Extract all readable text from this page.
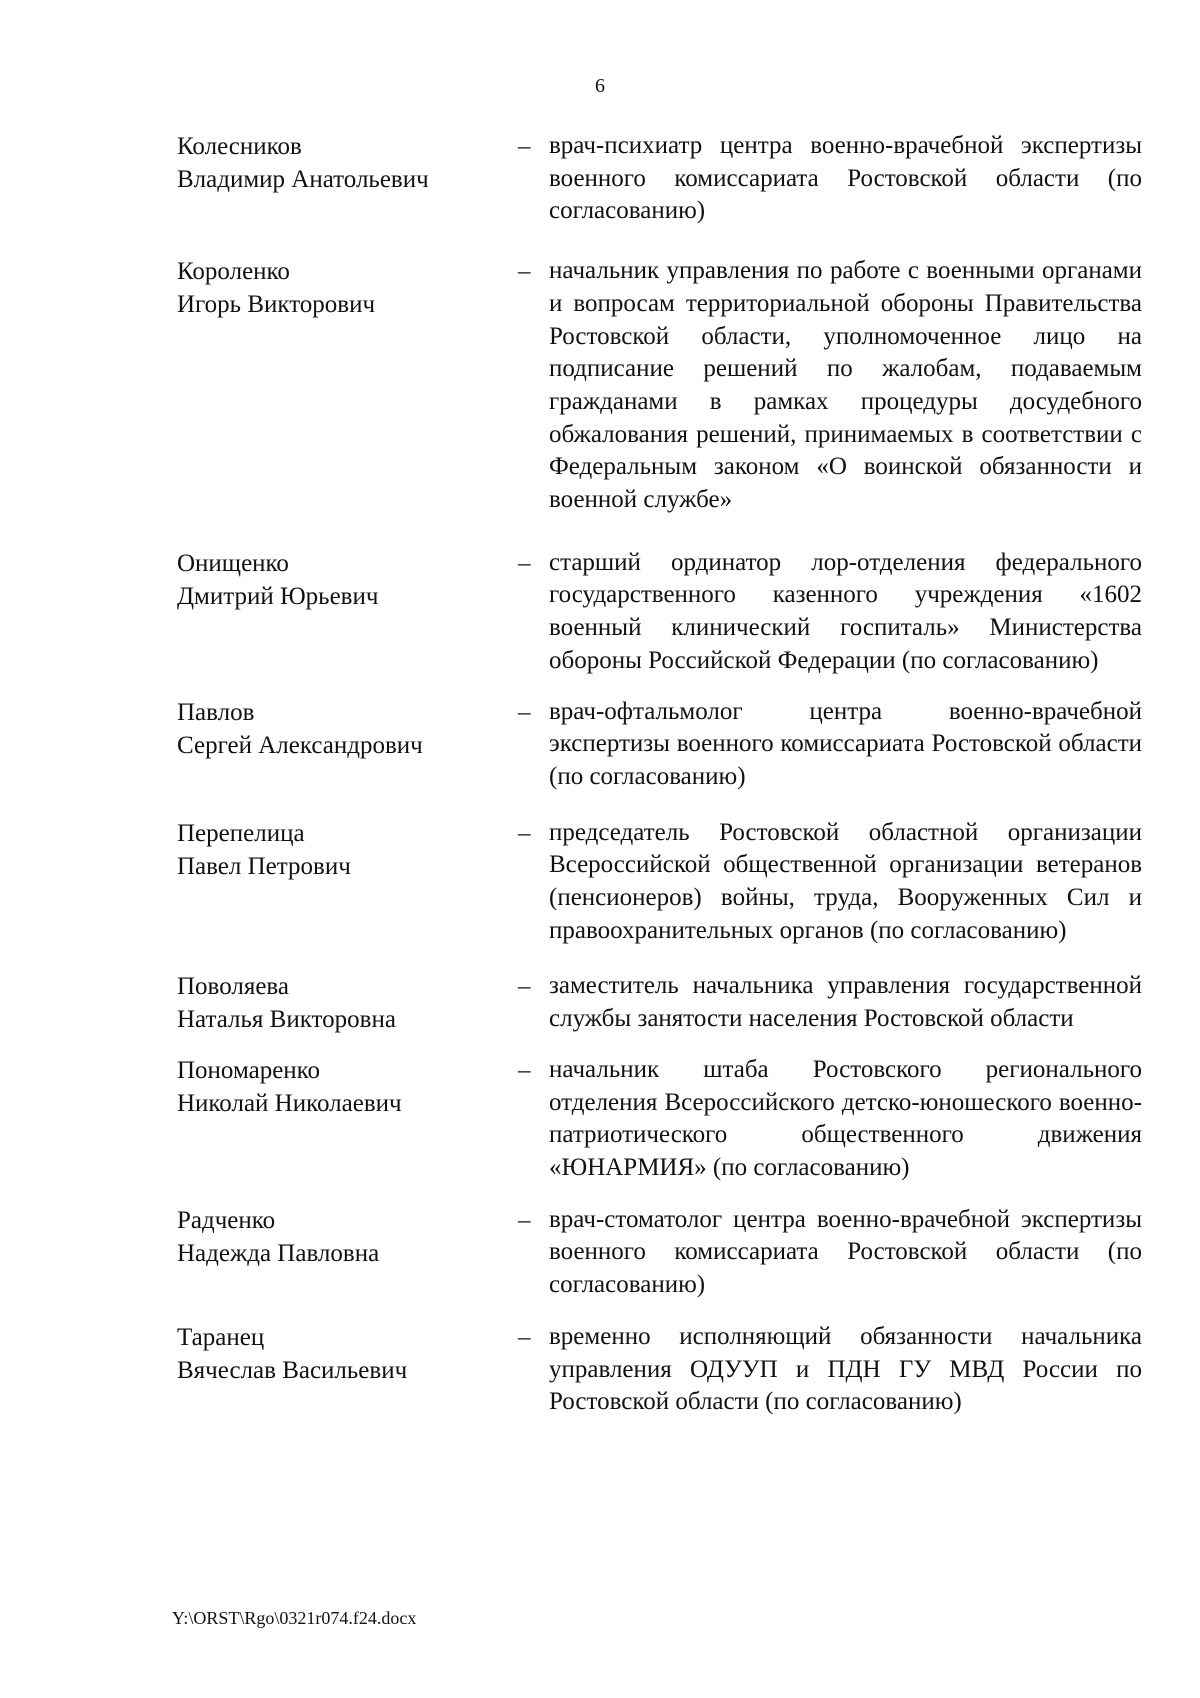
6
Колесников
Владимир Анатольевич
– врач-психиатр центра военно-врачебной экспертизы военного комиссариата Ростовской области (по согласованию)
Короленко
Игорь Викторович
– начальник управления по работе с военными органами и вопросам территориальной обороны Правительства Ростовской области, уполномоченное лицо на подписание решений по жалобам, подаваемым гражданами в рамках процедуры досудебного обжалования решений, принимаемых в соответствии с Федеральным законом «О воинской обязанности и военной службе»
Онищенко
Дмитрий Юрьевич
– старший ординатор лор-отделения федерального государственного казенного учреждения «1602 военный клинический госпиталь» Министерства обороны Российской Федерации (по согласованию)
Павлов
Сергей Александрович
– врач-офтальмолог центра военно-врачебной экспертизы военного комиссариата Ростовской области (по согласованию)
Перепелица
Павел Петрович
– председатель Ростовской областной организации Всероссийской общественной организации ветеранов (пенсионеров) войны, труда, Вооруженных Сил и правоохранительных органов (по согласованию)
Поволяева
Наталья Викторовна
– заместитель начальника управления государственной службы занятости населения Ростовской области
Пономаренко
Николай Николаевич
– начальник штаба Ростовского регионального отделения Всероссийского детско-юношеского военно-патриотического общественного движения «ЮНАРМИЯ» (по согласованию)
Радченко
Надежда Павловна
– врач-стоматолог центра военно-врачебной экспертизы военного комиссариата Ростовской области (по согласованию)
Таранец
Вячеслав Васильевич
– временно исполняющий обязанности начальника управления ОДУУП и ПДН ГУ МВД России по Ростовской области (по согласованию)
Y:\ORST\Rgo\0321r074.f24.docx
